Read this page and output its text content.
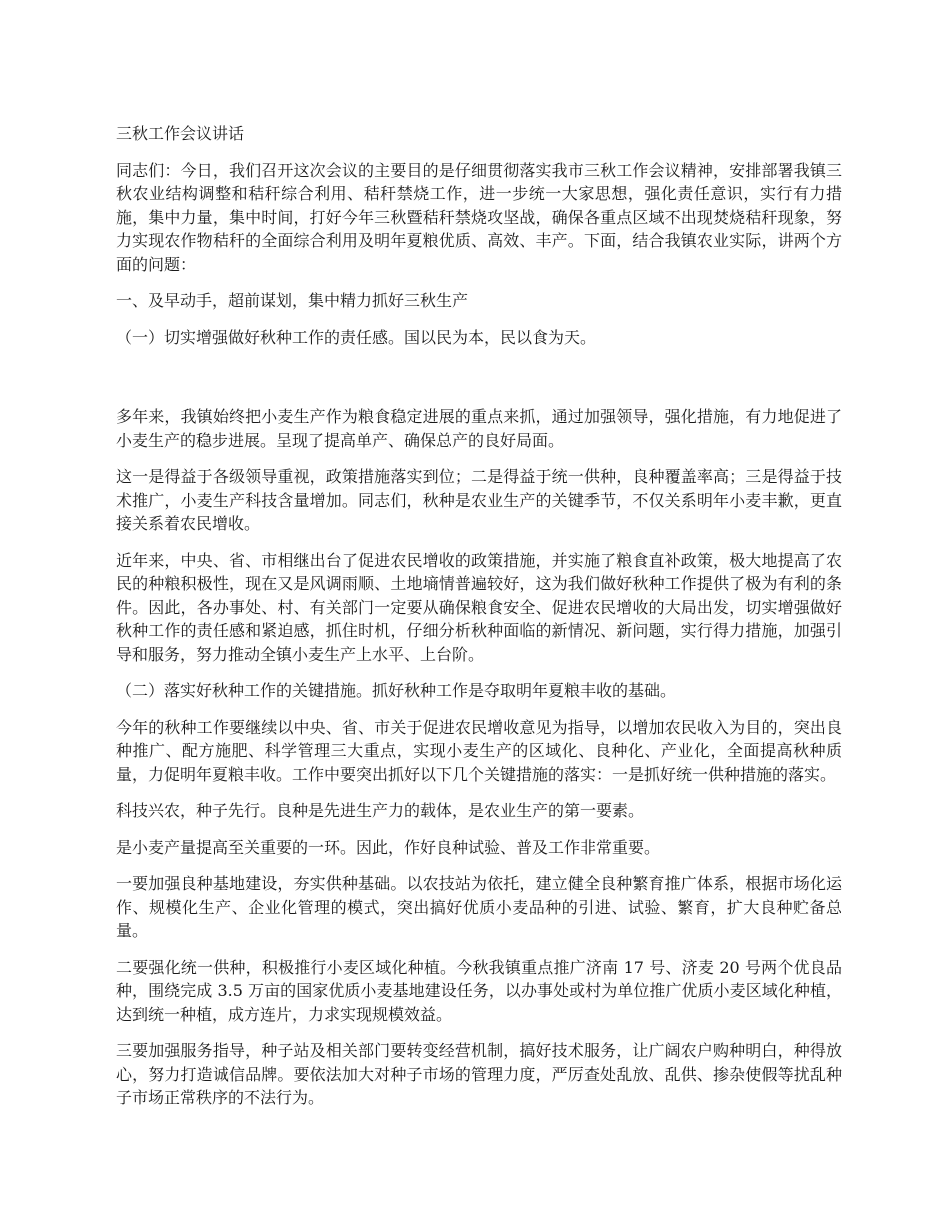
三秋工作会议讲话

同志们：今日，我们召开这次会议的主要目的是仔细贯彻落实我市三秋工作会议精神，安排部署我镇三秋农业结构调整和秸秆综合利用、秸秆禁烧工作，进一步统一大家思想，强化责任意识，实行有力措施，集中力量，集中时间，打好今年三秋暨秸秆禁烧攻坚战，确保各重点区域不出现焚烧秸秆现象，努力实现农作物秸秆的全面综合利用及明年夏粮优质、高效、丰产。下面，结合我镇农业实际，讲两个方面的问题：

一、及早动手，超前谋划，集中精力抓好三秋生产

（一）切实增强做好秋种工作的责任感。国以民为本，民以食为天。

多年来，我镇始终把小麦生产作为粮食稳定进展的重点来抓，通过加强领导，强化措施，有力地促进了小麦生产的稳步进展。呈现了提高单产、确保总产的良好局面。

这一是得益于各级领导重视，政策措施落实到位；二是得益于统一供种，良种覆盖率高；三是得益于技术推广，小麦生产科技含量增加。同志们，秋种是农业生产的关键季节，不仅关系明年小麦丰歉，更直接关系着农民增收。

近年来，中央、省、市相继出台了促进农民增收的政策措施，并实施了粮食直补政策，极大地提高了农民的种粮积极性，现在又是风调雨顺、土地墒情普遍较好，这为我们做好秋种工作提供了极为有利的条件。因此，各办事处、村、有关部门一定要从确保粮食安全、促进农民增收的大局出发，切实增强做好秋种工作的责任感和紧迫感，抓住时机，仔细分析秋种面临的新情况、新问题，实行得力措施，加强引导和服务，努力推动全镇小麦生产上水平、上台阶。

（二）落实好秋种工作的关键措施。抓好秋种工作是夺取明年夏粮丰收的基础。

今年的秋种工作要继续以中央、省、市关于促进农民增收意见为指导，以增加农民收入为目的，突出良种推广、配方施肥、科学管理三大重点，实现小麦生产的区域化、良种化、产业化，全面提高秋种质量，力促明年夏粮丰收。工作中要突出抓好以下几个关键措施的落实：一是抓好统一供种措施的落实。

科技兴农，种子先行。良种是先进生产力的载体，是农业生产的第一要素。

是小麦产量提高至关重要的一环。因此，作好良种试验、普及工作非常重要。

一要加强良种基地建设，夯实供种基础。以农技站为依托，建立健全良种繁育推广体系，根据市场化运作、规模化生产、企业化管理的模式，突出搞好优质小麦品种的引进、试验、繁育，扩大良种贮备总量。

二要强化统一供种，积极推行小麦区域化种植。今秋我镇重点推广济南 17 号、济麦 20 号两个优良品种，围绕完成 3.5 万亩的国家优质小麦基地建设任务，以办事处或村为单位推广优质小麦区域化种植，达到统一种植，成方连片，力求实现规模效益。

三要加强服务指导，种子站及相关部门要转变经营机制，搞好技术服务，让广阔农户购种明白，种得放心，努力打造诚信品牌。要依法加大对种子市场的管理力度，严厉查处乱放、乱供、掺杂使假等扰乱种子市场正常秩序的不法行为。
